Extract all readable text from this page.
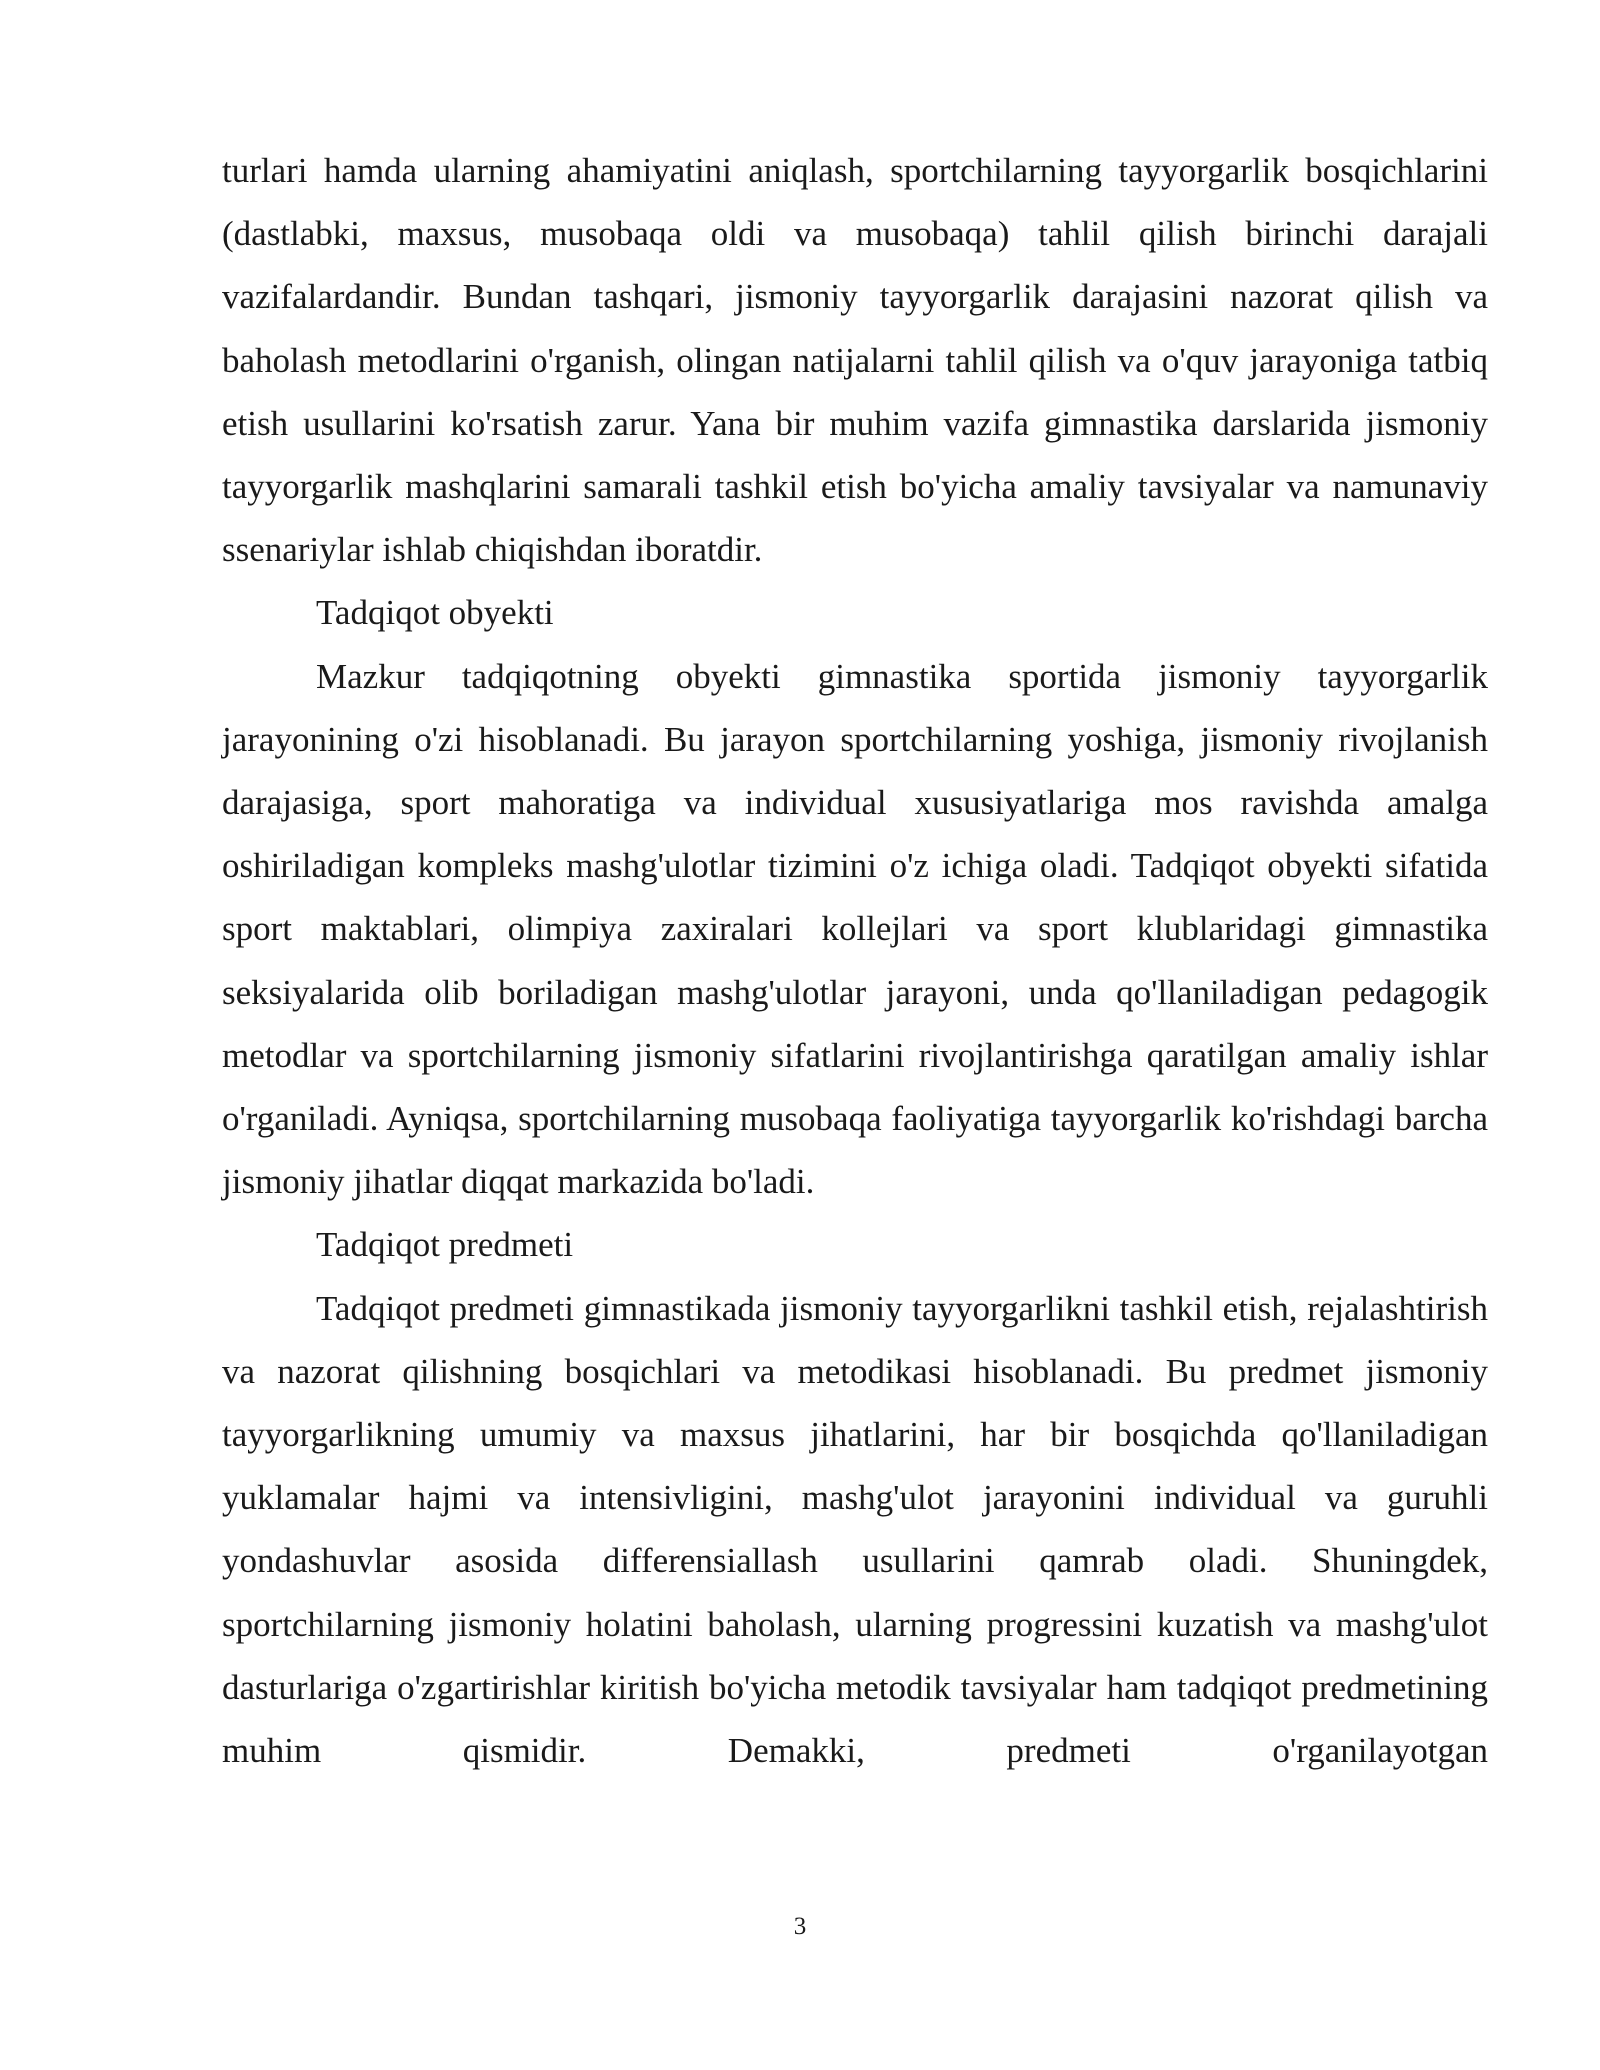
turlari hamda ularning ahamiyatini aniqlash, sportchilarning tayyorgarlik bosqichlarini (dastlabki, maxsus, musobaqa oldi va musobaqa) tahlil qilish birinchi darajali vazifalardandir. Bundan tashqari, jismoniy tayyorgarlik darajasini nazorat qilish va baholash metodlarini o'rganish, olingan natijalarni tahlil qilish va o'quv jarayoniga tatbiq etish usullarini ko'rsatish zarur. Yana bir muhim vazifa gimnastika darslarida jismoniy tayyorgarlik mashqlarini samarali tashkil etish bo'yicha amaliy tavsiyalar va namunaviy ssenariylar ishlab chiqishdan iboratdir.

Tadqiqot obyekti

Mazkur tadqiqotning obyekti gimnastika sportida jismoniy tayyorgarlik jarayonining o'zi hisoblanadi. Bu jarayon sportchilarning yoshiga, jismoniy rivojlanish darajasiga, sport mahoratiga va individual xususiyatlariga mos ravishda amalga oshiriladigan kompleks mashg'ulotlar tizimini o'z ichiga oladi. Tadqiqot obyekti sifatida sport maktablari, olimpiya zaxiralari kollejlari va sport klublaridagi gimnastika seksiyalarida olib boriladigan mashg'ulotlar jarayoni, unda qo'llaniladigan pedagogik metodlar va sportchilarning jismoniy sifatlarini rivojlantirishga qaratilgan amaliy ishlar o'rganiladi. Ayniqsa, sportchilarning musobaqa faoliyatiga tayyorgarlik ko'rishdagi barcha jismoniy jihatlar diqqat markazida bo'ladi.

Tadqiqot predmeti

Tadqiqot predmeti gimnastikada jismoniy tayyorgarlikni tashkil etish, rejalashtirish va nazorat qilishning bosqichlari va metodikasi hisoblanadi. Bu predmet jismoniy tayyorgarlikning umumiy va maxsus jihatlarini, har bir bosqichda qo'llaniladigan yuklamalar hajmi va intensivligini, mashg'ulot jarayonini individual va guruhli yondashuvlar asosida differensiallash usullarini qamrab oladi. Shuningdek, sportchilarning jismoniy holatini baholash, ularning progressini kuzatish va mashg'ulot dasturlariga o'zgartirishlar kiritish bo'yicha metodik tavsiyalar ham tadqiqot predmetining muhim qismidir. Demakki, predmeti o'rganilayotgan

3
